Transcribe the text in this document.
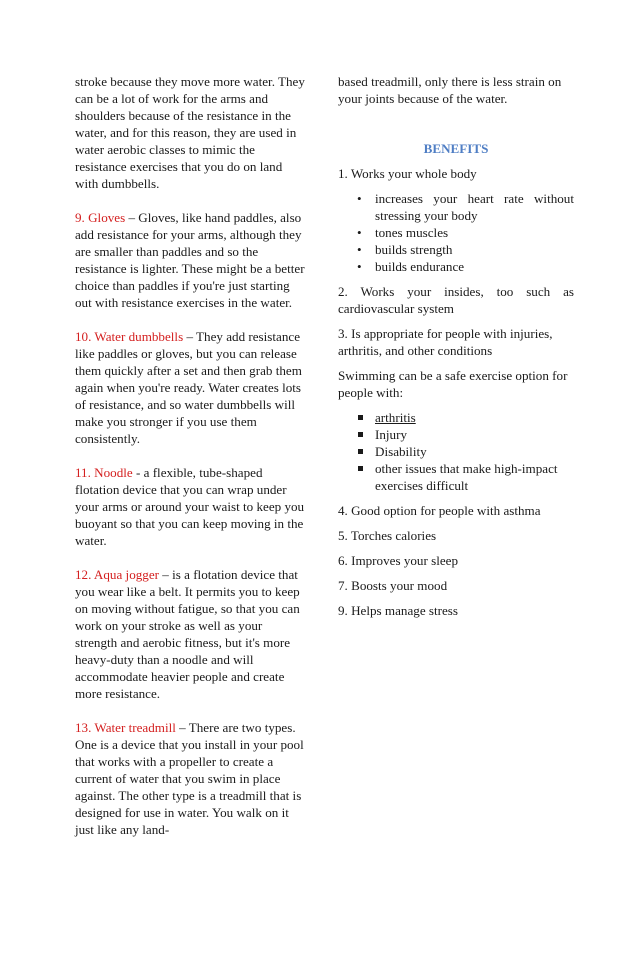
stroke because they move more water. They can be a lot of work for the arms and shoulders because of the resistance in the water, and for this reason, they are used in water aerobic classes to mimic the resistance exercises that you do on land with dumbbells.

9. Gloves – Gloves, like hand paddles, also add resistance for your arms, although they are smaller than paddles and so the resistance is lighter. These might be a better choice than paddles if you're just starting out with resistance exercises in the water.

10. Water dumbbells – They add resistance like paddles or gloves, but you can release them quickly after a set and then grab them again when you're ready. Water creates lots of resistance, and so water dumbbells will make you stronger if you use them consistently.

11. Noodle - a flexible, tube-shaped flotation device that you can wrap under your arms or around your waist to keep you buoyant so that you can keep moving in the water.

12. Aqua jogger – is a flotation device that you wear like a belt. It permits you to keep on moving without fatigue, so that you can work on your stroke as well as your strength and aerobic fitness, but it's more heavy-duty than a noodle and will accommodate heavier people and create more resistance.

13. Water treadmill – There are two types. One is a device that you install in your pool that works with a propeller to create a current of water that you swim in place against. The other type is a treadmill that is designed for use in water. You walk on it just like any land-

based treadmill, only there is less strain on your joints because of the water.

BENEFITS

1. Works your whole body

•
increases your heart rate without stressing your body
•
tones muscles
•
builds strength
•
builds endurance

2. Works your insides, too such as cardiovascular system

3. Is appropriate for people with injuries, arthritis, and other conditions

Swimming can be a safe exercise option for people with:

arthritis
Injury
Disability
other issues that make high-impact exercises difficult

4. Good option for people with asthma

5. Torches calories

6. Improves your sleep

7. Boosts your mood

9. Helps manage stress
